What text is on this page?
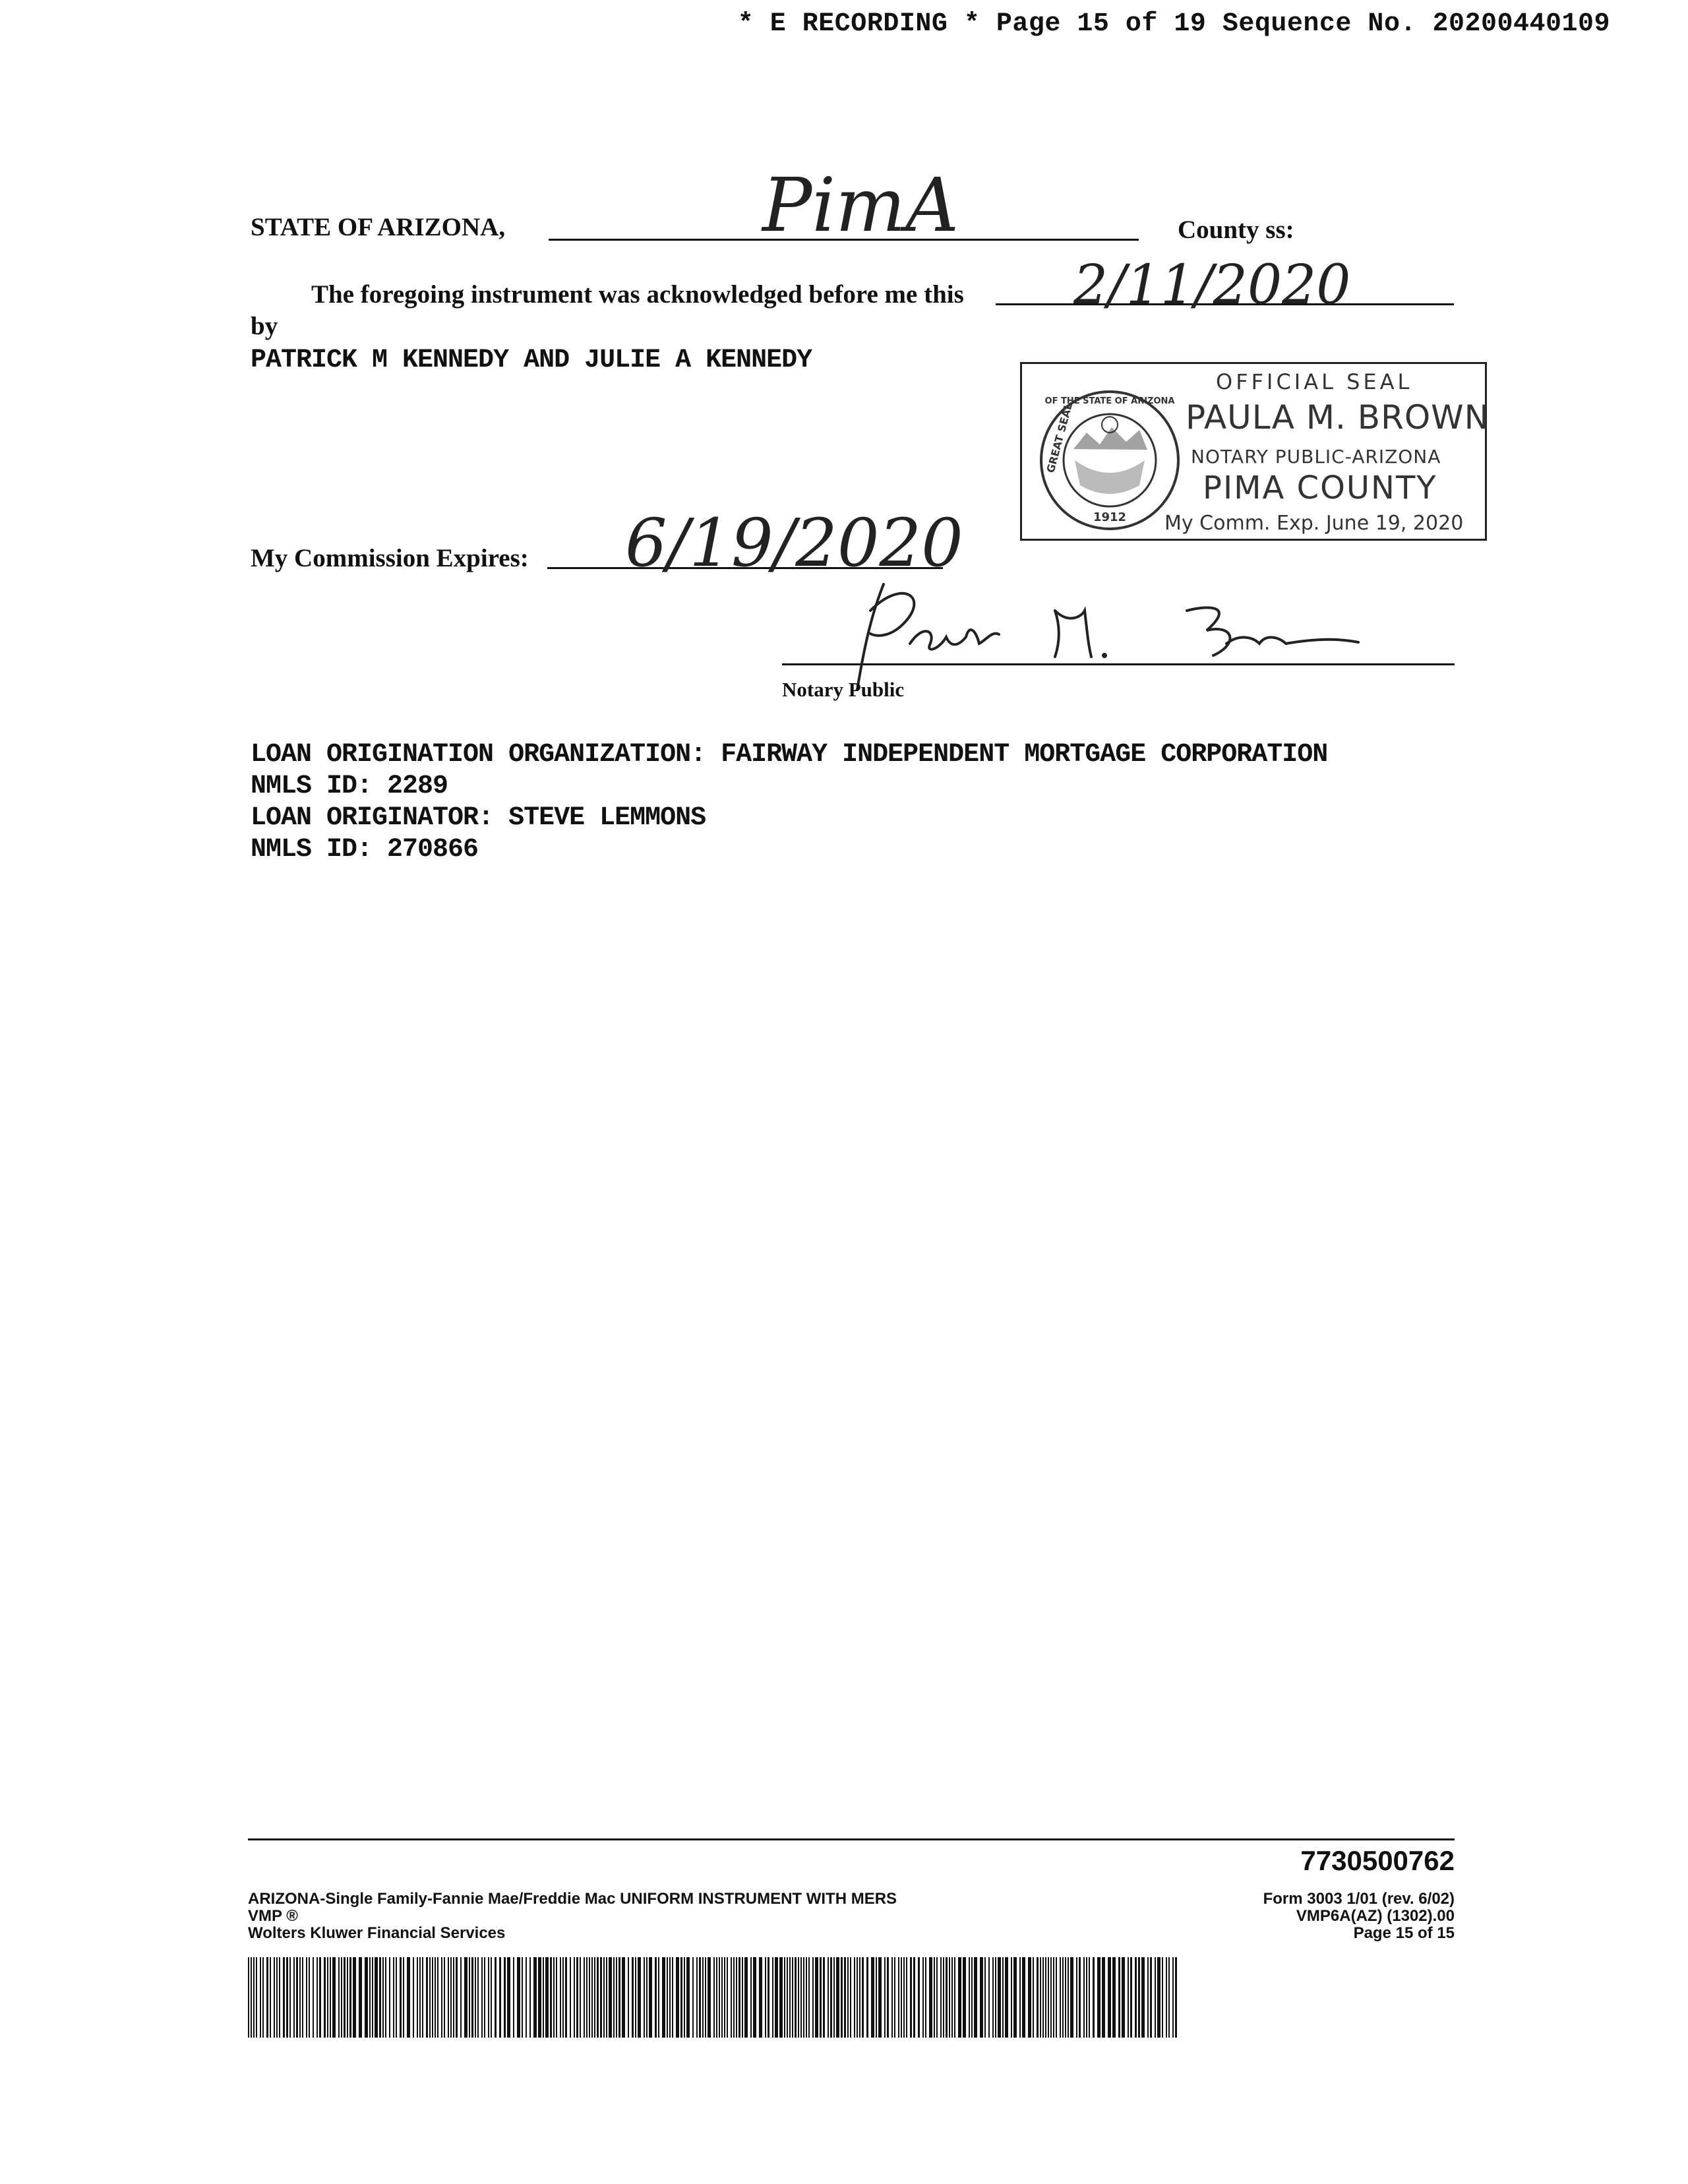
* E RECORDING * Page 15 of 19 Sequence No. 20200440109
STATE OF ARIZONA,	PimA	County ss:
The foregoing instrument was acknowledged before me this 2/11/2020
by
PATRICK M KENNEDY AND JULIE A KENNEDY
OF THE STATE OF ARIZONA
GREAT SEAL
1912
OFFICIAL SEAL
PAULA M. BROWN
NOTARY PUBLIC-ARIZONA
PIMA COUNTY
My Comm. Exp. June 19, 2020
My Commission Expires: 6/19/2020
Notary Public
LOAN ORIGINATION ORGANIZATION: FAIRWAY INDEPENDENT MORTGAGE CORPORATION
NMLS ID: 2289
LOAN ORIGINATOR: STEVE LEMMONS
NMLS ID: 270866
7730500762
ARIZONA-Single Family-Fannie Mae/Freddie Mac UNIFORM INSTRUMENT WITH MERS
VMP ®
Wolters Kluwer Financial Services
Form 3003 1/01 (rev. 6/02)
VMP6A(AZ) (1302).00
Page 15 of 15
